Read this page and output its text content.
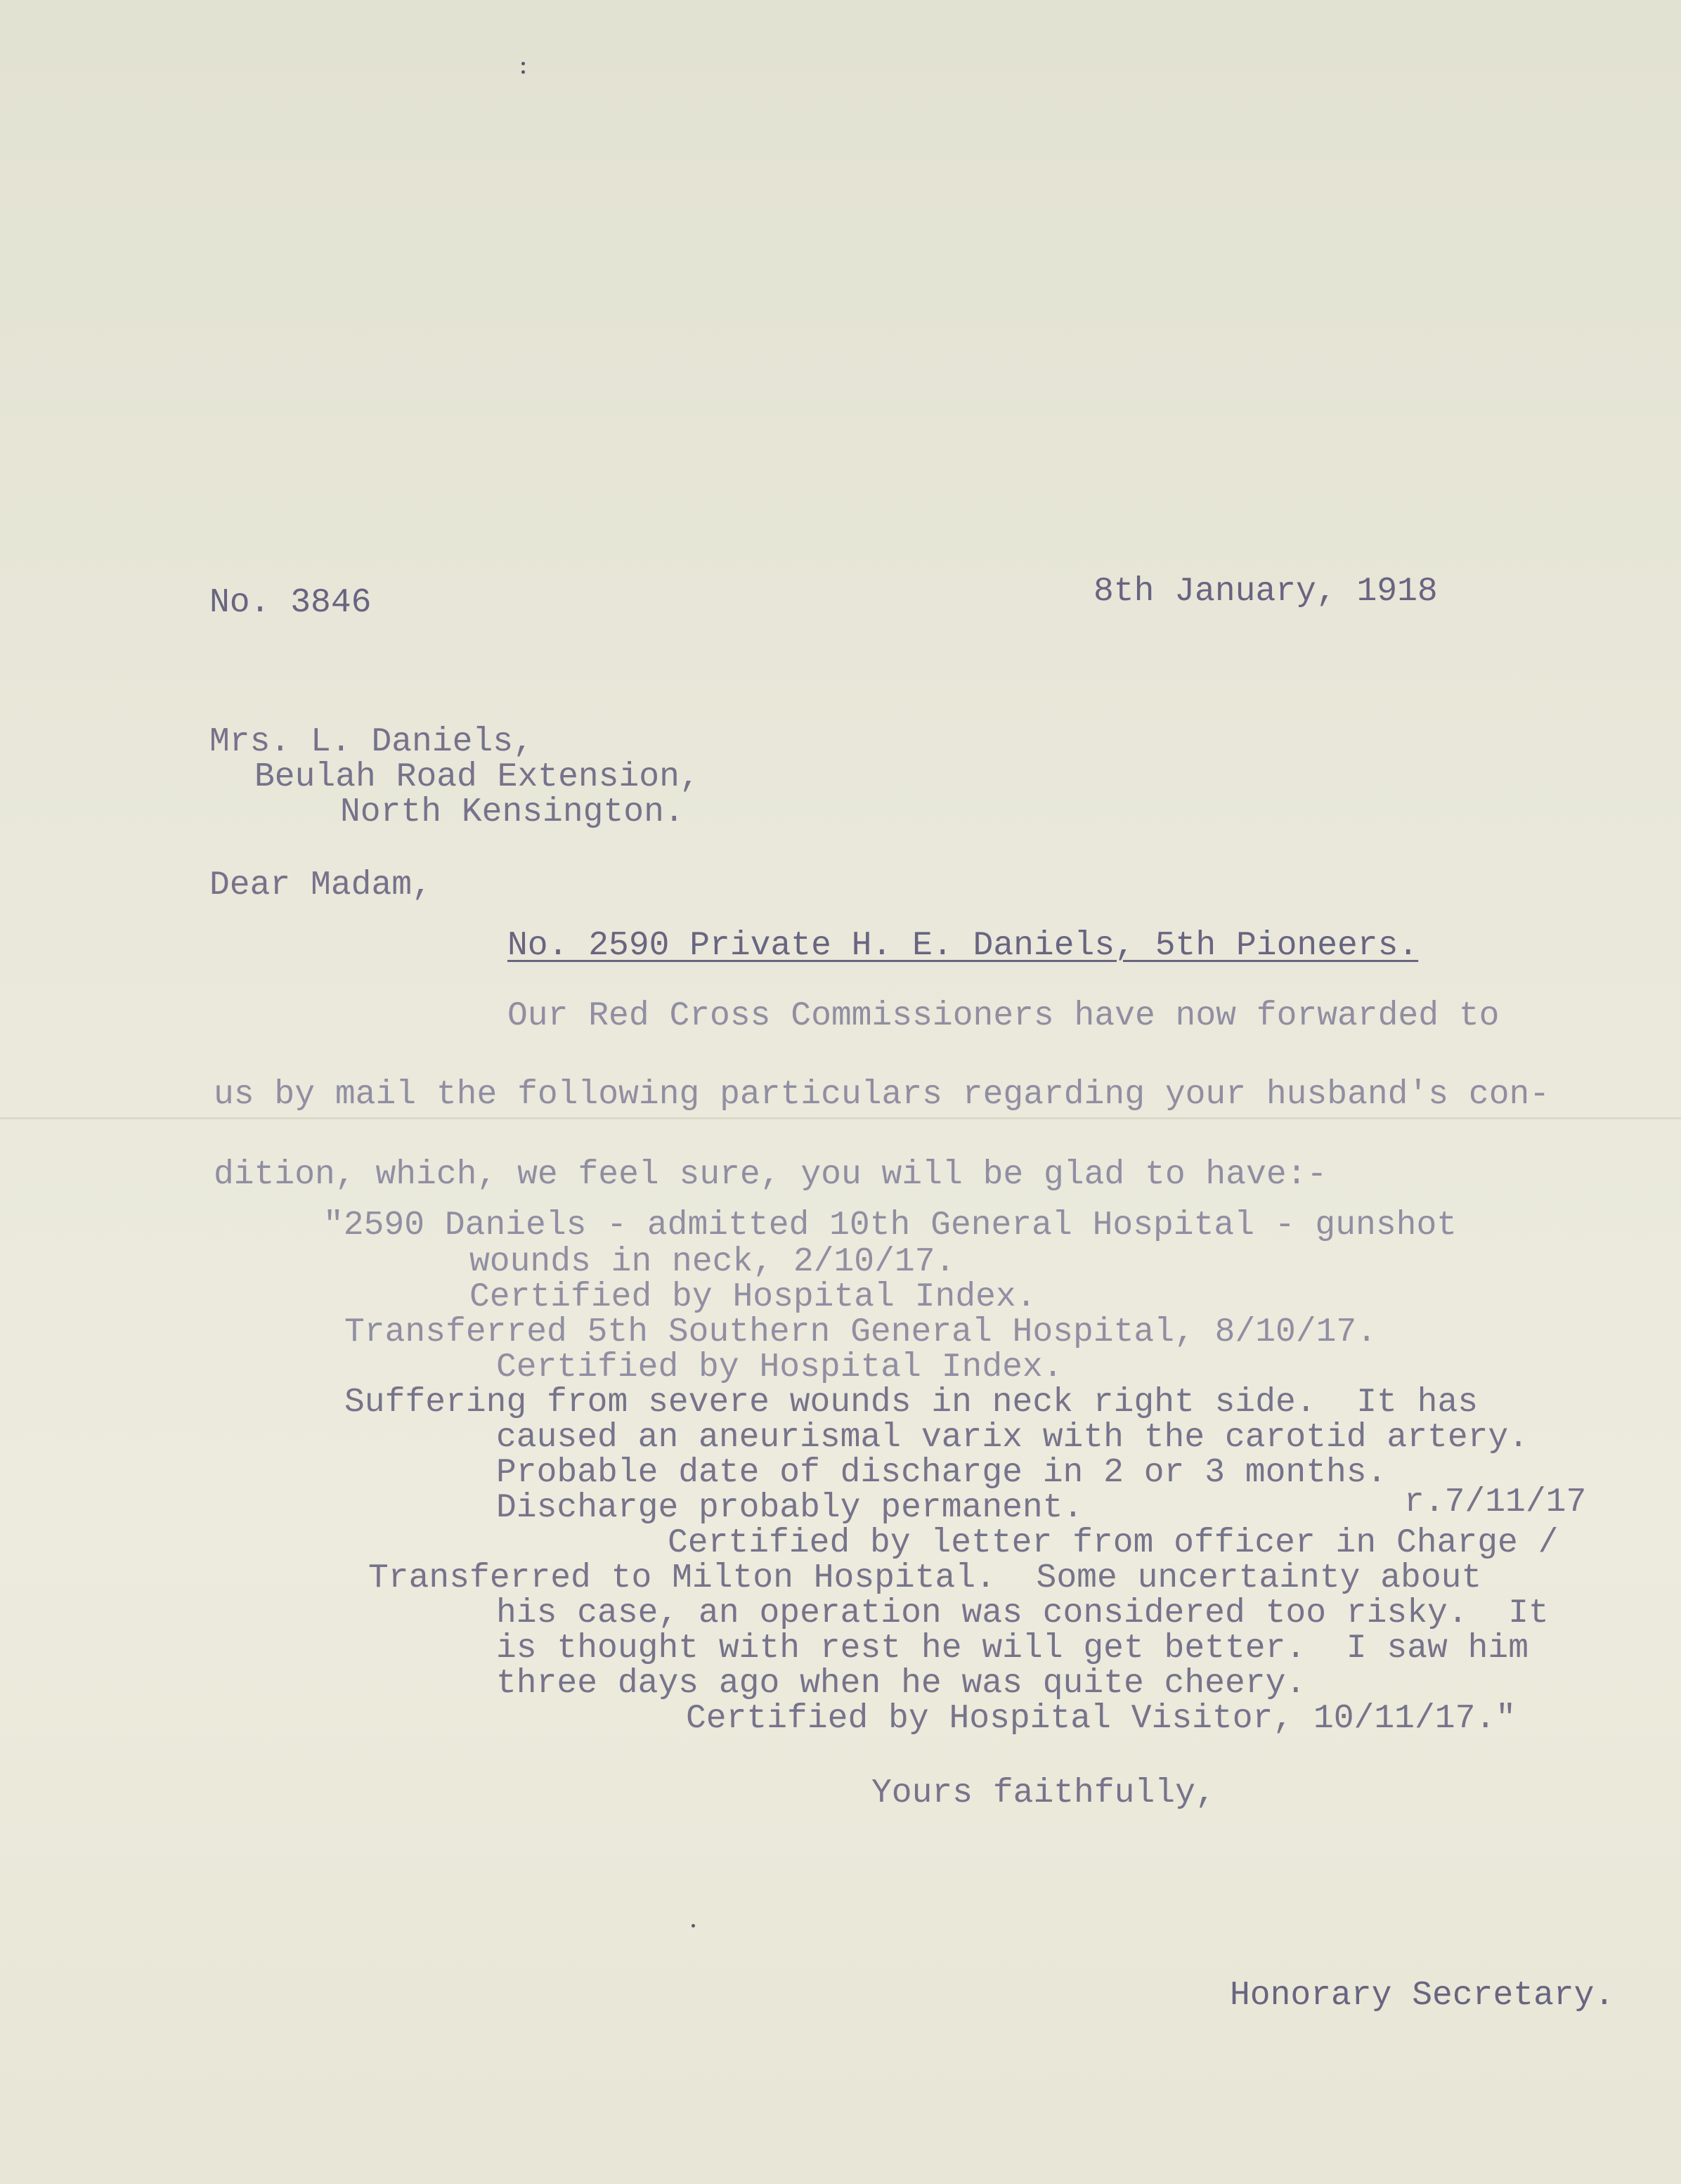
No. 3846	8th January, 1918
Mrs. L. Daniels,
Beulah Road Extension,
North Kensington.
Dear Madam,
No. 2590 Private H. E. Daniels, 5th Pioneers.
Our Red Cross Commissioners have now forwarded to
us by mail the following particulars regarding your husband's con-
dition, which, we feel sure, you will be glad to have:-
"2590 Daniels - admitted 10th General Hospital - gunshot
wounds in neck, 2/10/17.
Certified by Hospital Index.
Transferred 5th Southern General Hospital, 8/10/17.
Certified by Hospital Index.
Suffering from severe wounds in neck right side.  It has
caused an aneurismal varix with the carotid artery.
Probable date of discharge in 2 or 3 months.
Discharge probably permanent.	r.7/11/17
Certified by letter from officer in Charge /
Transferred to Milton Hospital.  Some uncertainty about
his case, an operation was considered too risky.  It
is thought with rest he will get better.  I saw him
three days ago when he was quite cheery.
Certified by Hospital Visitor, 10/11/17."
Yours faithfully,
Honorary Secretary.
